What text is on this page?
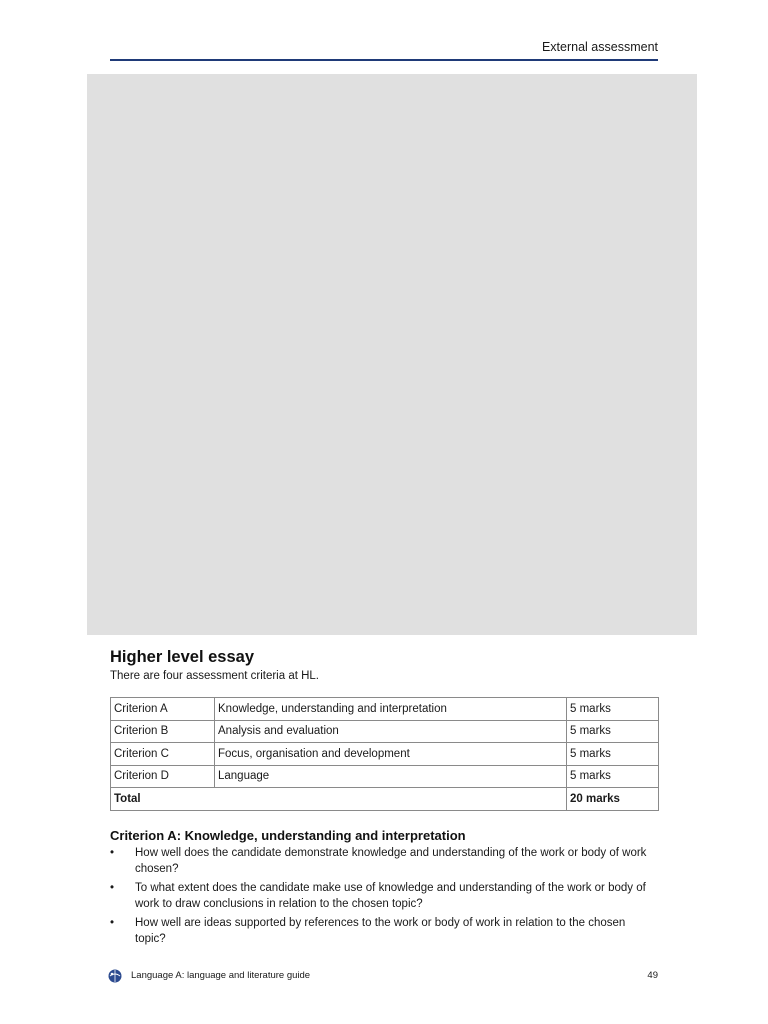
External assessment
Higher level essay
There are four assessment criteria at HL.
Criterion A	Knowledge, understanding and interpretation	5 marks
Criterion B	Analysis and evaluation	5 marks
Criterion C	Focus, organisation and development	5 marks
Criterion D	Language	5 marks
Total		20 marks
Criterion A: Knowledge, understanding and interpretation
• How well does the candidate demonstrate knowledge and understanding of the work or body of work chosen?
• To what extent does the candidate make use of knowledge and understanding of the work or body of work to draw conclusions in relation to the chosen topic?
• How well are ideas supported by references to the work or body of work in relation to the chosen topic?
Language A: language and literature guide	49
